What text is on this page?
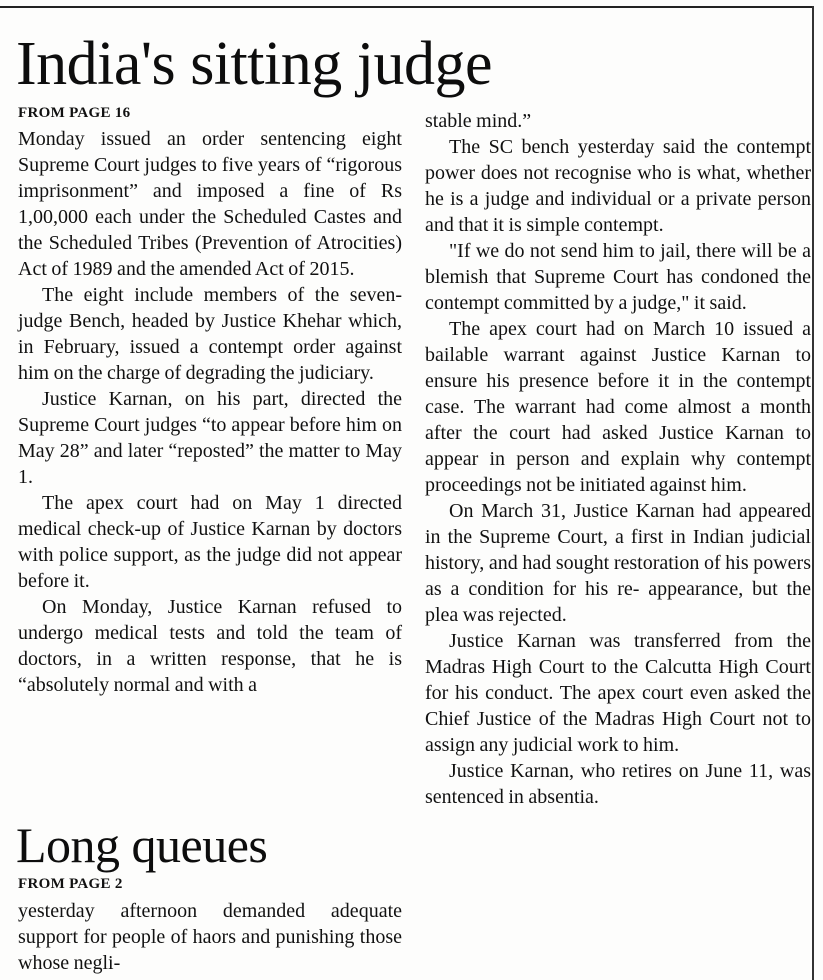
India's sitting judge
FROM PAGE 16

Monday issued an order sentencing eight Supreme Court judges to five years of “rigorous imprisonment” and imposed a fine of Rs 1,00,000 each under the Scheduled Castes and the Scheduled Tribes (Prevention of Atrocities) Act of 1989 and the amended Act of 2015.

The eight include members of the seven-judge Bench, headed by Justice Khehar which, in February, issued a contempt order against him on the charge of degrading the judiciary.

Justice Karnan, on his part, directed the Supreme Court judges “to appear before him on May 28” and later “reposted” the matter to May 1.

The apex court had on May 1 directed medical check-up of Justice Karnan by doctors with police support, as the judge did not appear before it.

On Monday, Justice Karnan refused to undergo medical tests and told the team of doctors, in a written response, that he is “absolutely normal and with a

stable mind.”

The SC bench yesterday said the contempt power does not recognise who is what, whether he is a judge and individual or a private person and that it is simple contempt.

"If we do not send him to jail, there will be a blemish that Supreme Court has condoned the contempt committed by a judge," it said.

The apex court had on March 10 issued a bailable warrant against Justice Karnan to ensure his presence before it in the contempt case. The warrant had come almost a month after the court had asked Justice Karnan to appear in person and explain why contempt proceedings not be initiated against him.

On March 31, Justice Karnan had appeared in the Supreme Court, a first in Indian judicial history, and had sought restoration of his powers as a condition for his re- appearance, but the plea was rejected.

Justice Karnan was transferred from the Madras High Court to the Calcutta High Court for his conduct. The apex court even asked the Chief Justice of the Madras High Court not to assign any judicial work to him.

Justice Karnan, who retires on June 11, was sentenced in absentia.

Long queues
FROM PAGE 2

yesterday afternoon demanded adequate support for people of haors and punishing those whose negli-
